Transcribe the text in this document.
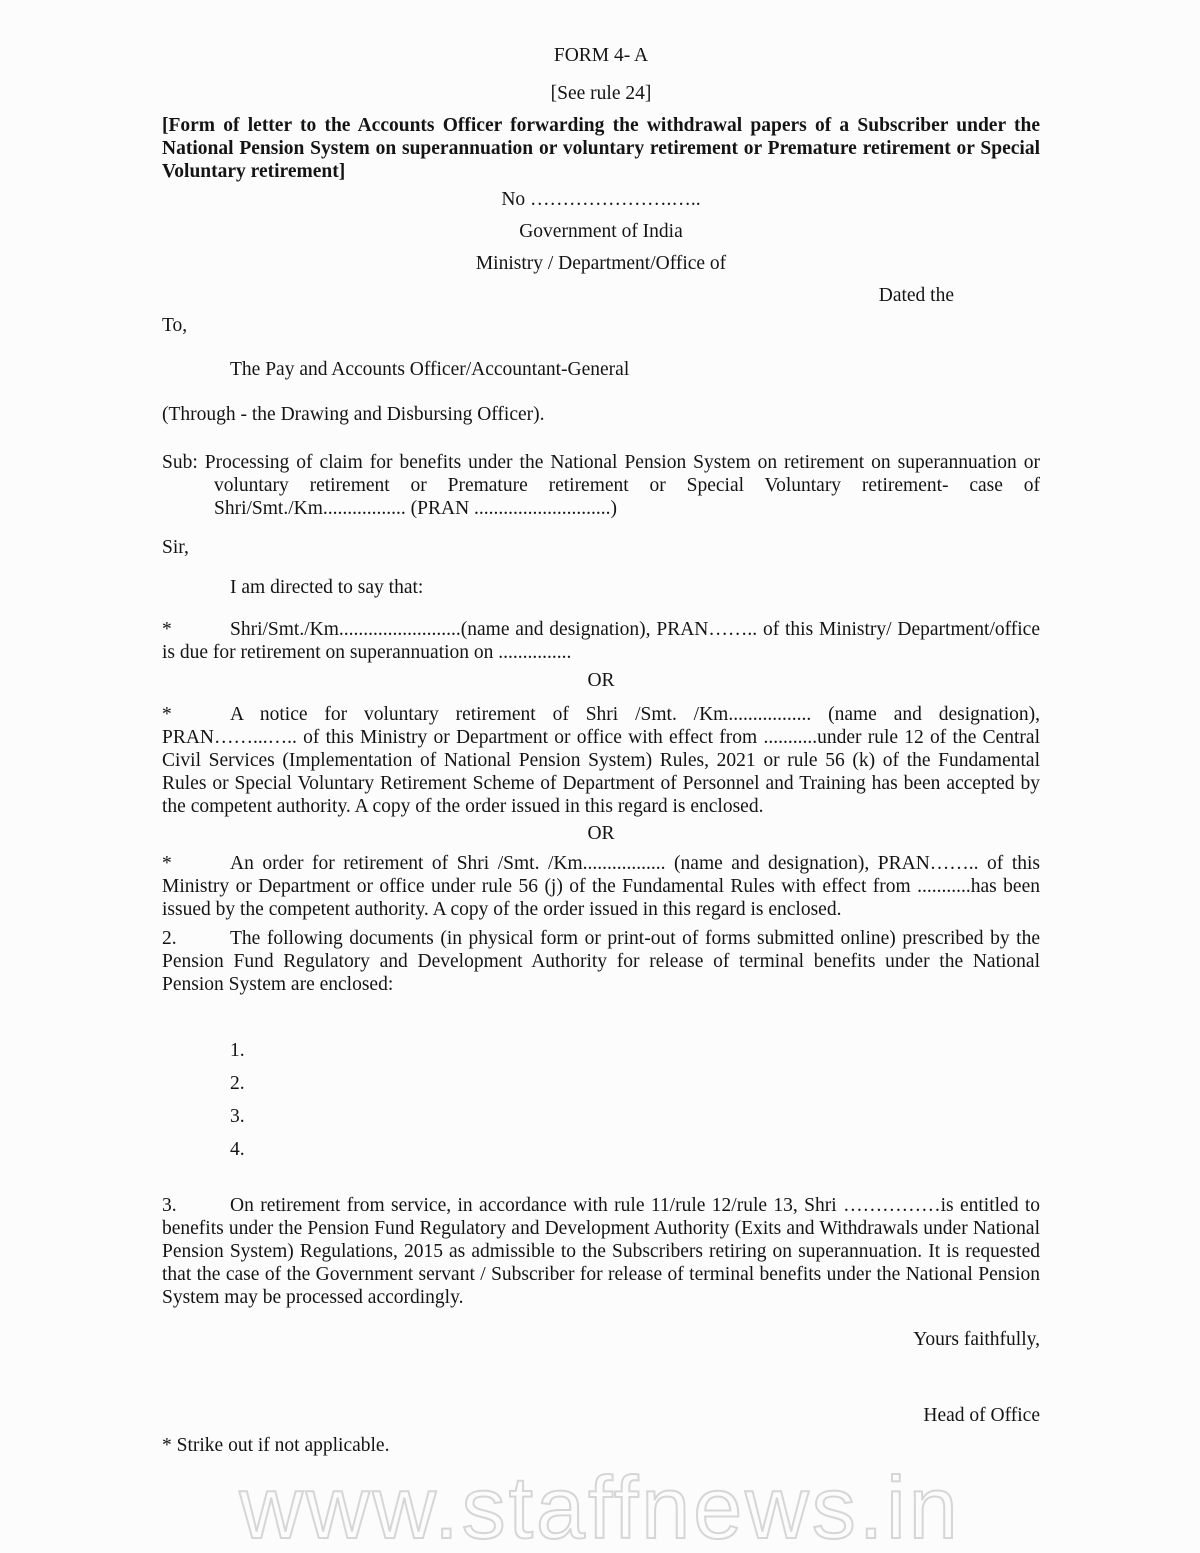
FORM 4- A
[See rule 24]

[Form of letter to the Accounts Officer forwarding the withdrawal papers of a Subscriber under the National Pension System on superannuation or voluntary retirement or Premature retirement or Special Voluntary retirement]

No ………………….…..
Government of India
Ministry / Department/Office of
Dated the
To,
The Pay and Accounts Officer/Accountant-General
(Through - the Drawing and Disbursing Officer).

Sub: Processing of claim for benefits under the National Pension System on retirement on superannuation or voluntary retirement or Premature retirement or Special Voluntary retirement- case of Shri/Smt./Km................. (PRAN ............................)

Sir,
I am directed to say that:

*	Shri/Smt./Km.........................(name and designation), PRAN…….. of this Ministry/ Department/office is due for retirement on superannuation on ...............

OR

*	A notice for voluntary retirement of Shri /Smt. /Km................. (name and designation), PRAN……...….. of this Ministry or Department or office with effect from ...........under rule 12 of the Central Civil Services (Implementation of National Pension System) Rules, 2021 or rule 56 (k) of the Fundamental Rules or Special Voluntary Retirement Scheme of Department of Personnel and Training has been accepted by the competent authority. A copy of the order issued in this regard is enclosed.

OR

*	An order for retirement of Shri /Smt. /Km................. (name and designation), PRAN…….. of this Ministry or Department or office under rule 56 (j) of the Fundamental Rules with effect from ...........has been issued by the competent authority. A copy of the order issued in this regard is enclosed.

2.	The following documents (in physical form or print-out of forms submitted online) prescribed by the Pension Fund Regulatory and Development Authority for release of terminal benefits under the National Pension System are enclosed:

1.
2.
3.
4.

3.	On retirement from service, in accordance with rule 11/rule 12/rule 13, Shri ……………is entitled to benefits under the Pension Fund Regulatory and Development Authority (Exits and Withdrawals under National Pension System) Regulations, 2015 as admissible to the Subscribers retiring on superannuation. It is requested that the case of the Government servant / Subscriber for release of terminal benefits under the National Pension System may be processed accordingly.

Yours faithfully,
Head of Office
* Strike out if not applicable.
www.staffnews.in
